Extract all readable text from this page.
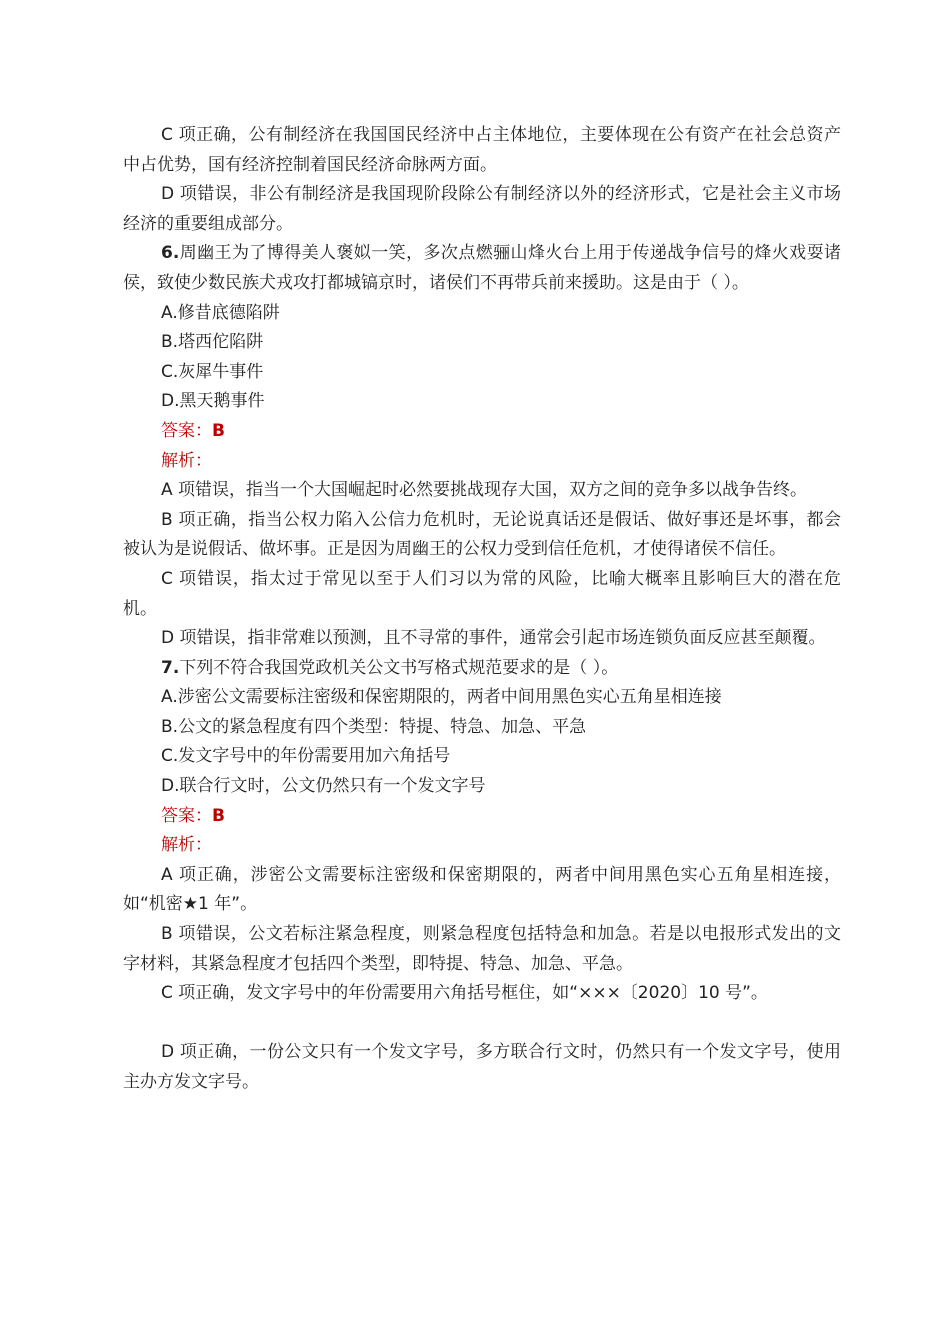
C 项正确，公有制经济在我国国民经济中占主体地位，主要体现在公有资产在社会总资产中占优势，国有经济控制着国民经济命脉两方面。

D 项错误，非公有制经济是我国现阶段除公有制经济以外的经济形式，它是社会主义市场经济的重要组成部分。

6.周幽王为了博得美人褒姒一笑，多次点燃骊山烽火台上用于传递战争信号的烽火戏耍诸侯，致使少数民族犬戎攻打都城镐京时，诸侯们不再带兵前来援助。这是由于（ ）。

A.修昔底德陷阱

B.塔西佗陷阱

C.灰犀牛事件

D.黑天鹅事件

答案：B

解析：

A 项错误，指当一个大国崛起时必然要挑战现存大国，双方之间的竞争多以战争告终。

B 项正确，指当公权力陷入公信力危机时，无论说真话还是假话、做好事还是坏事，都会被认为是说假话、做坏事。正是因为周幽王的公权力受到信任危机，才使得诸侯不信任。

C 项错误，指太过于常见以至于人们习以为常的风险，比喻大概率且影响巨大的潜在危机。

D 项错误，指非常难以预测，且不寻常的事件，通常会引起市场连锁负面反应甚至颠覆。

7.下列不符合我国党政机关公文书写格式规范要求的是（ ）。

A.涉密公文需要标注密级和保密期限的，两者中间用黑色实心五角星相连接

B.公文的紧急程度有四个类型：特提、特急、加急、平急

C.发文字号中的年份需要用加六角括号

D.联合行文时，公文仍然只有一个发文字号

答案：B

解析：

A 项正确，涉密公文需要标注密级和保密期限的，两者中间用黑色实心五角星相连接，如“机密★1 年”。

B 项错误，公文若标注紧急程度，则紧急程度包括特急和加急。若是以电报形式发出的文字材料，其紧急程度才包括四个类型，即特提、特急、加急、平急。

C 项正确，发文字号中的年份需要用六角括号框住，如“×××〔2020〕10 号”。

D 项正确，一份公文只有一个发文字号，多方联合行文时，仍然只有一个发文字号，使用主办方发文字号。
